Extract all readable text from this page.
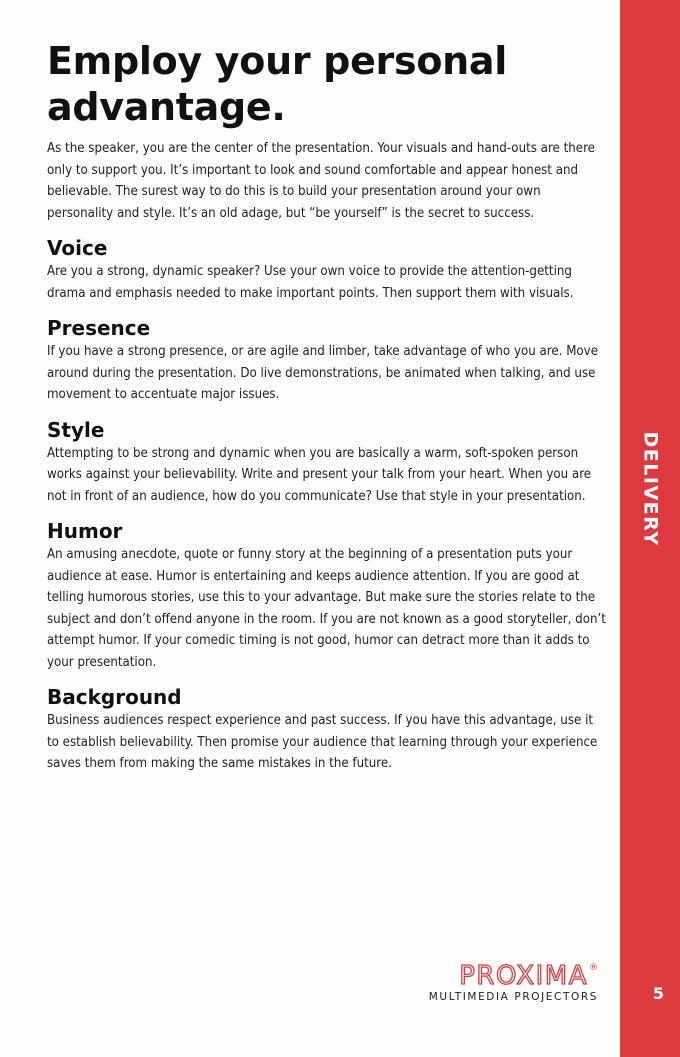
Employ your personal advantage.

As the speaker, you are the center of the presentation. Your visuals and hand-outs are there only to support you. It’s important to look and sound comfortable and appear honest and believable. The surest way to do this is to build your presentation around your own personality and style. It’s an old adage, but “be yourself” is the secret to success.

Voice

Are you a strong, dynamic speaker? Use your own voice to provide the attention-getting drama and emphasis needed to make important points. Then support them with visuals.

Presence

If you have a strong presence, or are agile and limber, take advantage of who you are. Move around during the presentation. Do live demonstrations, be animated when talking, and use movement to accentuate major issues.

Style

Attempting to be strong and dynamic when you are basically a warm, soft-spoken person works against your believability. Write and present your talk from your heart. When you are not in front of an audience, how do you communicate? Use that style in your presentation.

Humor

An amusing anecdote, quote or funny story at the beginning of a presentation puts your audience at ease. Humor is entertaining and keeps audience attention. If you are good at telling humorous stories, use this to your advantage. But make sure the stories relate to the subject and don’t offend anyone in the room. If you are not known as a good storyteller, don’t attempt humor. If your comedic timing is not good, humor can detract more than it adds to your presentation.

Background

Business audiences respect experience and past success. If you have this advantage, use it to establish believability. Then promise your audience that learning through your experience saves them from making the same mistakes in the future.

PROXIMA®
MULTIMEDIA PROJECTORS
DELIVERY
5
